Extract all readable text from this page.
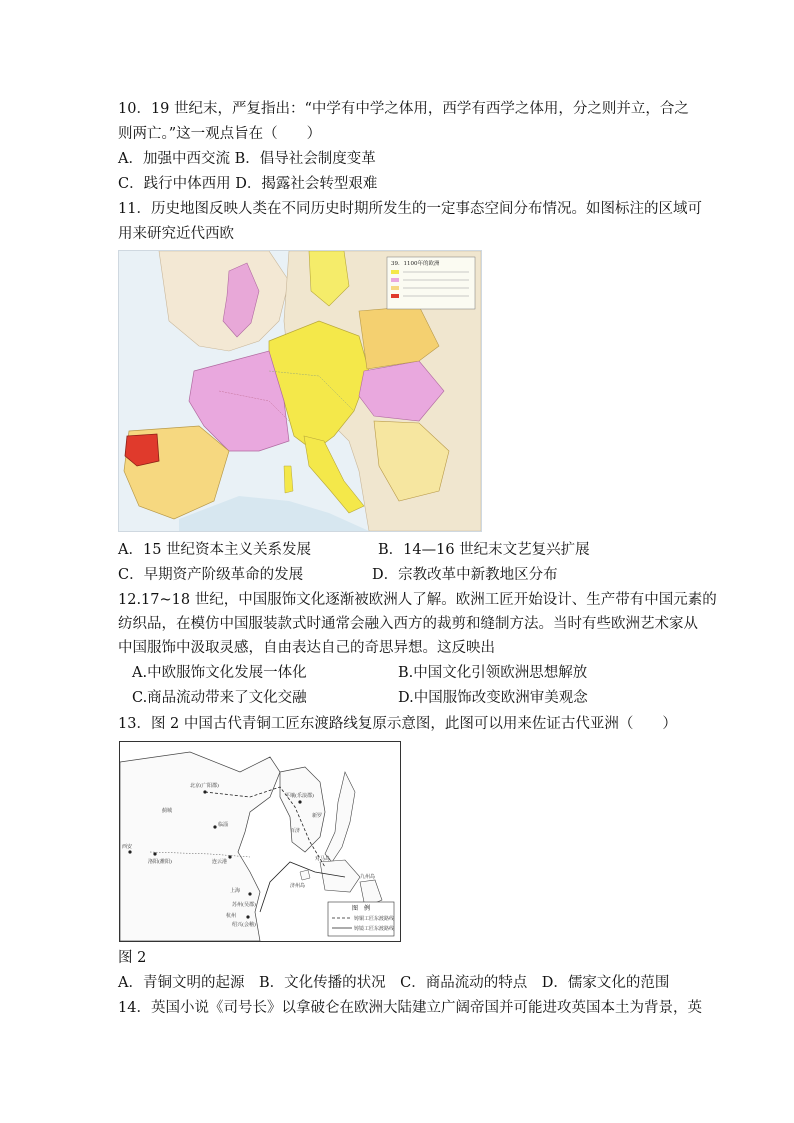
10．19 世纪末，严复指出：“中学有中学之体用，西学有西学之体用，分之则并立，合之
则两亡。”这一观点旨在（　　）
A．加强中西交流 B．倡导社会制度变革
C．践行中体西用 D．揭露社会转型艰难
11．历史地图反映人类在不同历史时期所发生的一定事态空间分布情况。如图标注的区域可
用来研究近代西欧
39．1100年的欧洲
A．15 世纪资本主义关系发展	B．14—16 世纪末文艺复兴扩展
C．早期资产阶级革命的发展	D．宗教改革中新教地区分布
12.17~18 世纪，中国服饰文化逐渐被欧洲人了解。欧洲工匠开始设计、生产带有中国元素的
纺织品，在模仿中国服装款式时通常会融入西方的裁剪和缝制方法。当时有些欧洲艺术家从
中国服饰中汲取灵感，自由表达自己的奇思异想。这反映出
A.中欧服饰文化发展一体化	B.中国文化引领欧洲思想解放
C.商品流动带来了文化交融	D.中国服饰改变欧洲审美观念
13．图 2 中国古代青铜工匠东渡路线复原示意图，此图可以用来佐证古代亚洲（　　）
北京(广阳郡)
蓟城
西安
洛阳(雒阳)
临淄
连云港
上海
苏州(吴郡)
杭州
绍兴(会稽)
平壤(乐浪郡)
百济
新罗
济州岛
九州岛
对马岛
图　例
铸铜工匠东渡路线
铸镜工匠东渡路线
图 2
A．青铜文明的起源　B．文化传播的状况　C．商品流动的特点　D．儒家文化的范围
14．英国小说《司号长》以拿破仑在欧洲大陆建立广阔帝国并可能进攻英国本土为背景，英
